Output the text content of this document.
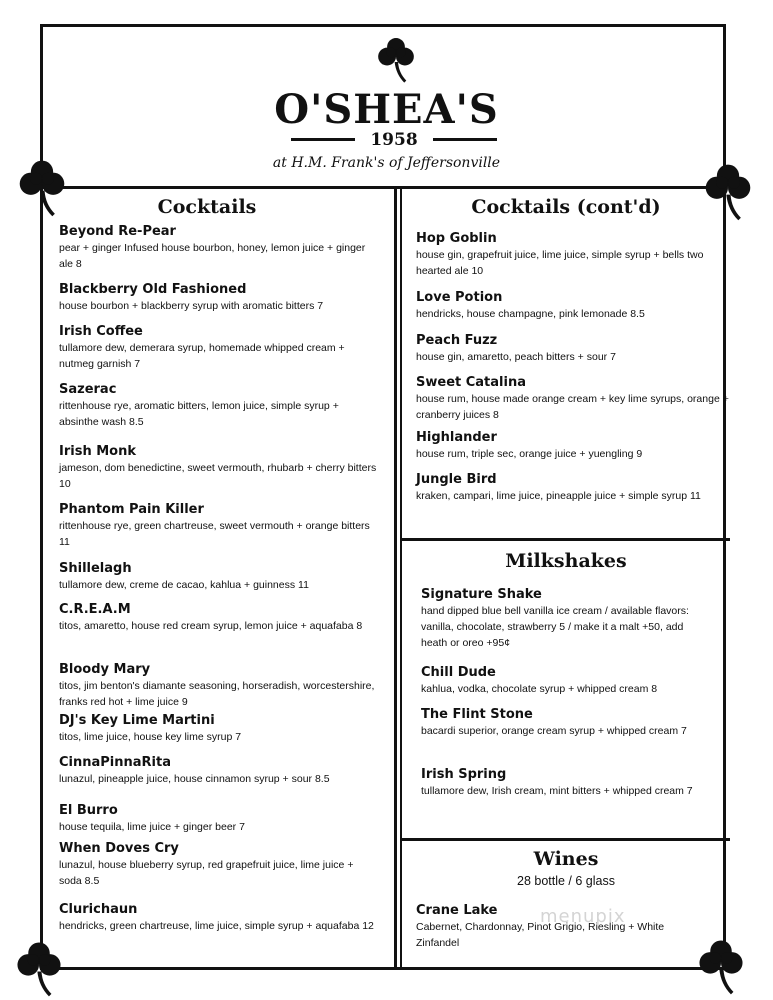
O'SHEA'S
1958
at H.M. Frank's of Jeffersonville
Cocktails	Cocktails (cont'd)
Milkshakes
Wines
28 bottle / 6 glass
Beyond Re-Pear
pear + ginger Infused house bourbon, honey, lemon juice + ginger ale 8
Blackberry Old Fashioned
house bourbon + blackberry syrup with aromatic bitters 7
Irish Coffee
tullamore dew, demerara syrup, homemade whipped cream + nutmeg garnish 7
Sazerac
rittenhouse rye, aromatic bitters, lemon juice, simple syrup + absinthe wash 8.5
Irish Monk
jameson, dom benedictine, sweet vermouth, rhubarb + cherry bitters 10
Phantom Pain Killer
rittenhouse rye, green chartreuse, sweet vermouth + orange bitters 11
Shillelagh
tullamore dew, creme de cacao, kahlua + guinness 11
C.R.E.A.M
titos, amaretto, house red cream syrup, lemon juice + aquafaba 8
Bloody Mary
titos, jim benton's diamante seasoning, horseradish, worcestershire, franks red hot + lime juice 9
DJ's Key Lime Martini
titos, lime juice, house key lime syrup 7
CinnaPinnaRita
lunazul, pineapple juice, house cinnamon syrup + sour 8.5
El Burro
house tequila, lime juice + ginger beer 7
When Doves Cry
lunazul, house blueberry syrup, red grapefruit juice, lime juice + soda 8.5
Clurichaun
hendricks, green chartreuse, lime juice, simple syrup + aquafaba 12
Hop Goblin
house gin, grapefruit juice, lime juice, simple syrup + bells two hearted ale 10
Love Potion
hendricks, house champagne, pink lemonade 8.5
Peach Fuzz
house gin, amaretto, peach bitters + sour 7
Sweet Catalina
house rum, house made orange cream + key lime syrups, orange + cranberry juices 8
Highlander
house rum, triple sec, orange juice + yuengling 9
Jungle Bird
kraken, campari, lime juice, pineapple juice + simple syrup 11
Signature Shake
hand dipped blue bell vanilla ice cream / available flavors: vanilla, chocolate, strawberry 5 / make it a malt +50, add heath or oreo +95¢
Chill Dude
kahlua, vodka, chocolate syrup + whipped cream 8
The Flint Stone
bacardi superior, orange cream syrup + whipped cream 7
Irish Spring
tullamore dew, Irish cream, mint bitters + whipped cream 7
Crane Lake
Cabernet, Chardonnay, Pinot Grigio, Riesling + White Zinfandel
menupix
